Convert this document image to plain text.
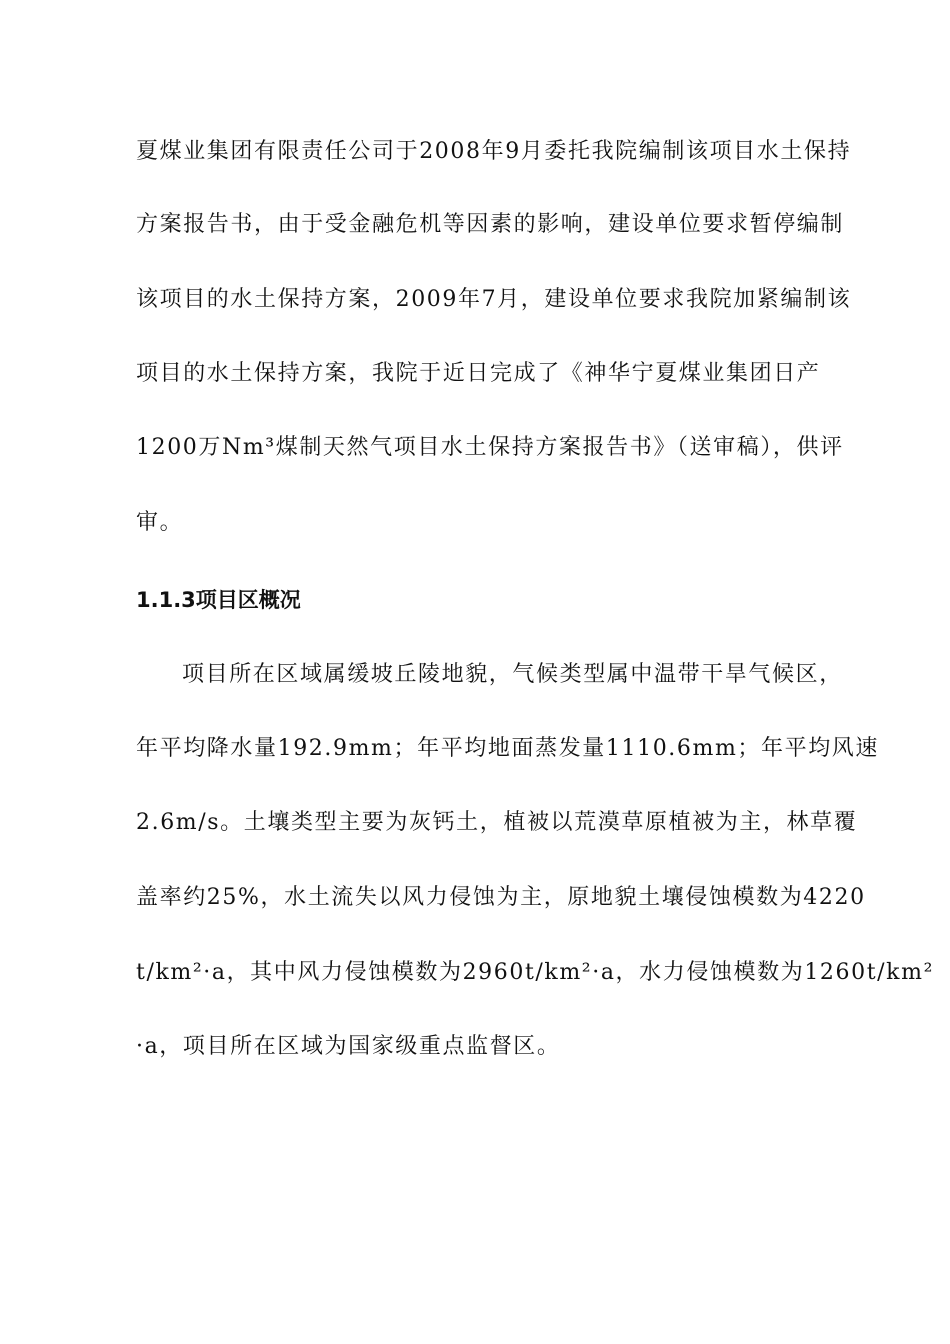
夏煤业集团有限责任公司于2008年9月委托我院编制该项目水土保持
方案报告书，由于受金融危机等因素的影响，建设单位要求暂停编制
该项目的水土保持方案，2009年7月，建设单位要求我院加紧编制该
项目的水土保持方案，我院于近日完成了《神华宁夏煤业集团日产
1200万Nm³煤制天然气项目水土保持方案报告书》（送审稿），供评
审。
1.1.3项目区概况
项目所在区域属缓坡丘陵地貌，气候类型属中温带干旱气候区，
年平均降水量192.9mm；年平均地面蒸发量1110.6mm；年平均风速
2.6m/s。土壤类型主要为灰钙土，植被以荒漠草原植被为主，林草覆
盖率约25%，水土流失以风力侵蚀为主，原地貌土壤侵蚀模数为4220
t/km²·a，其中风力侵蚀模数为2960t/km²·a，水力侵蚀模数为1260t/km²
·a，项目所在区域为国家级重点监督区。
